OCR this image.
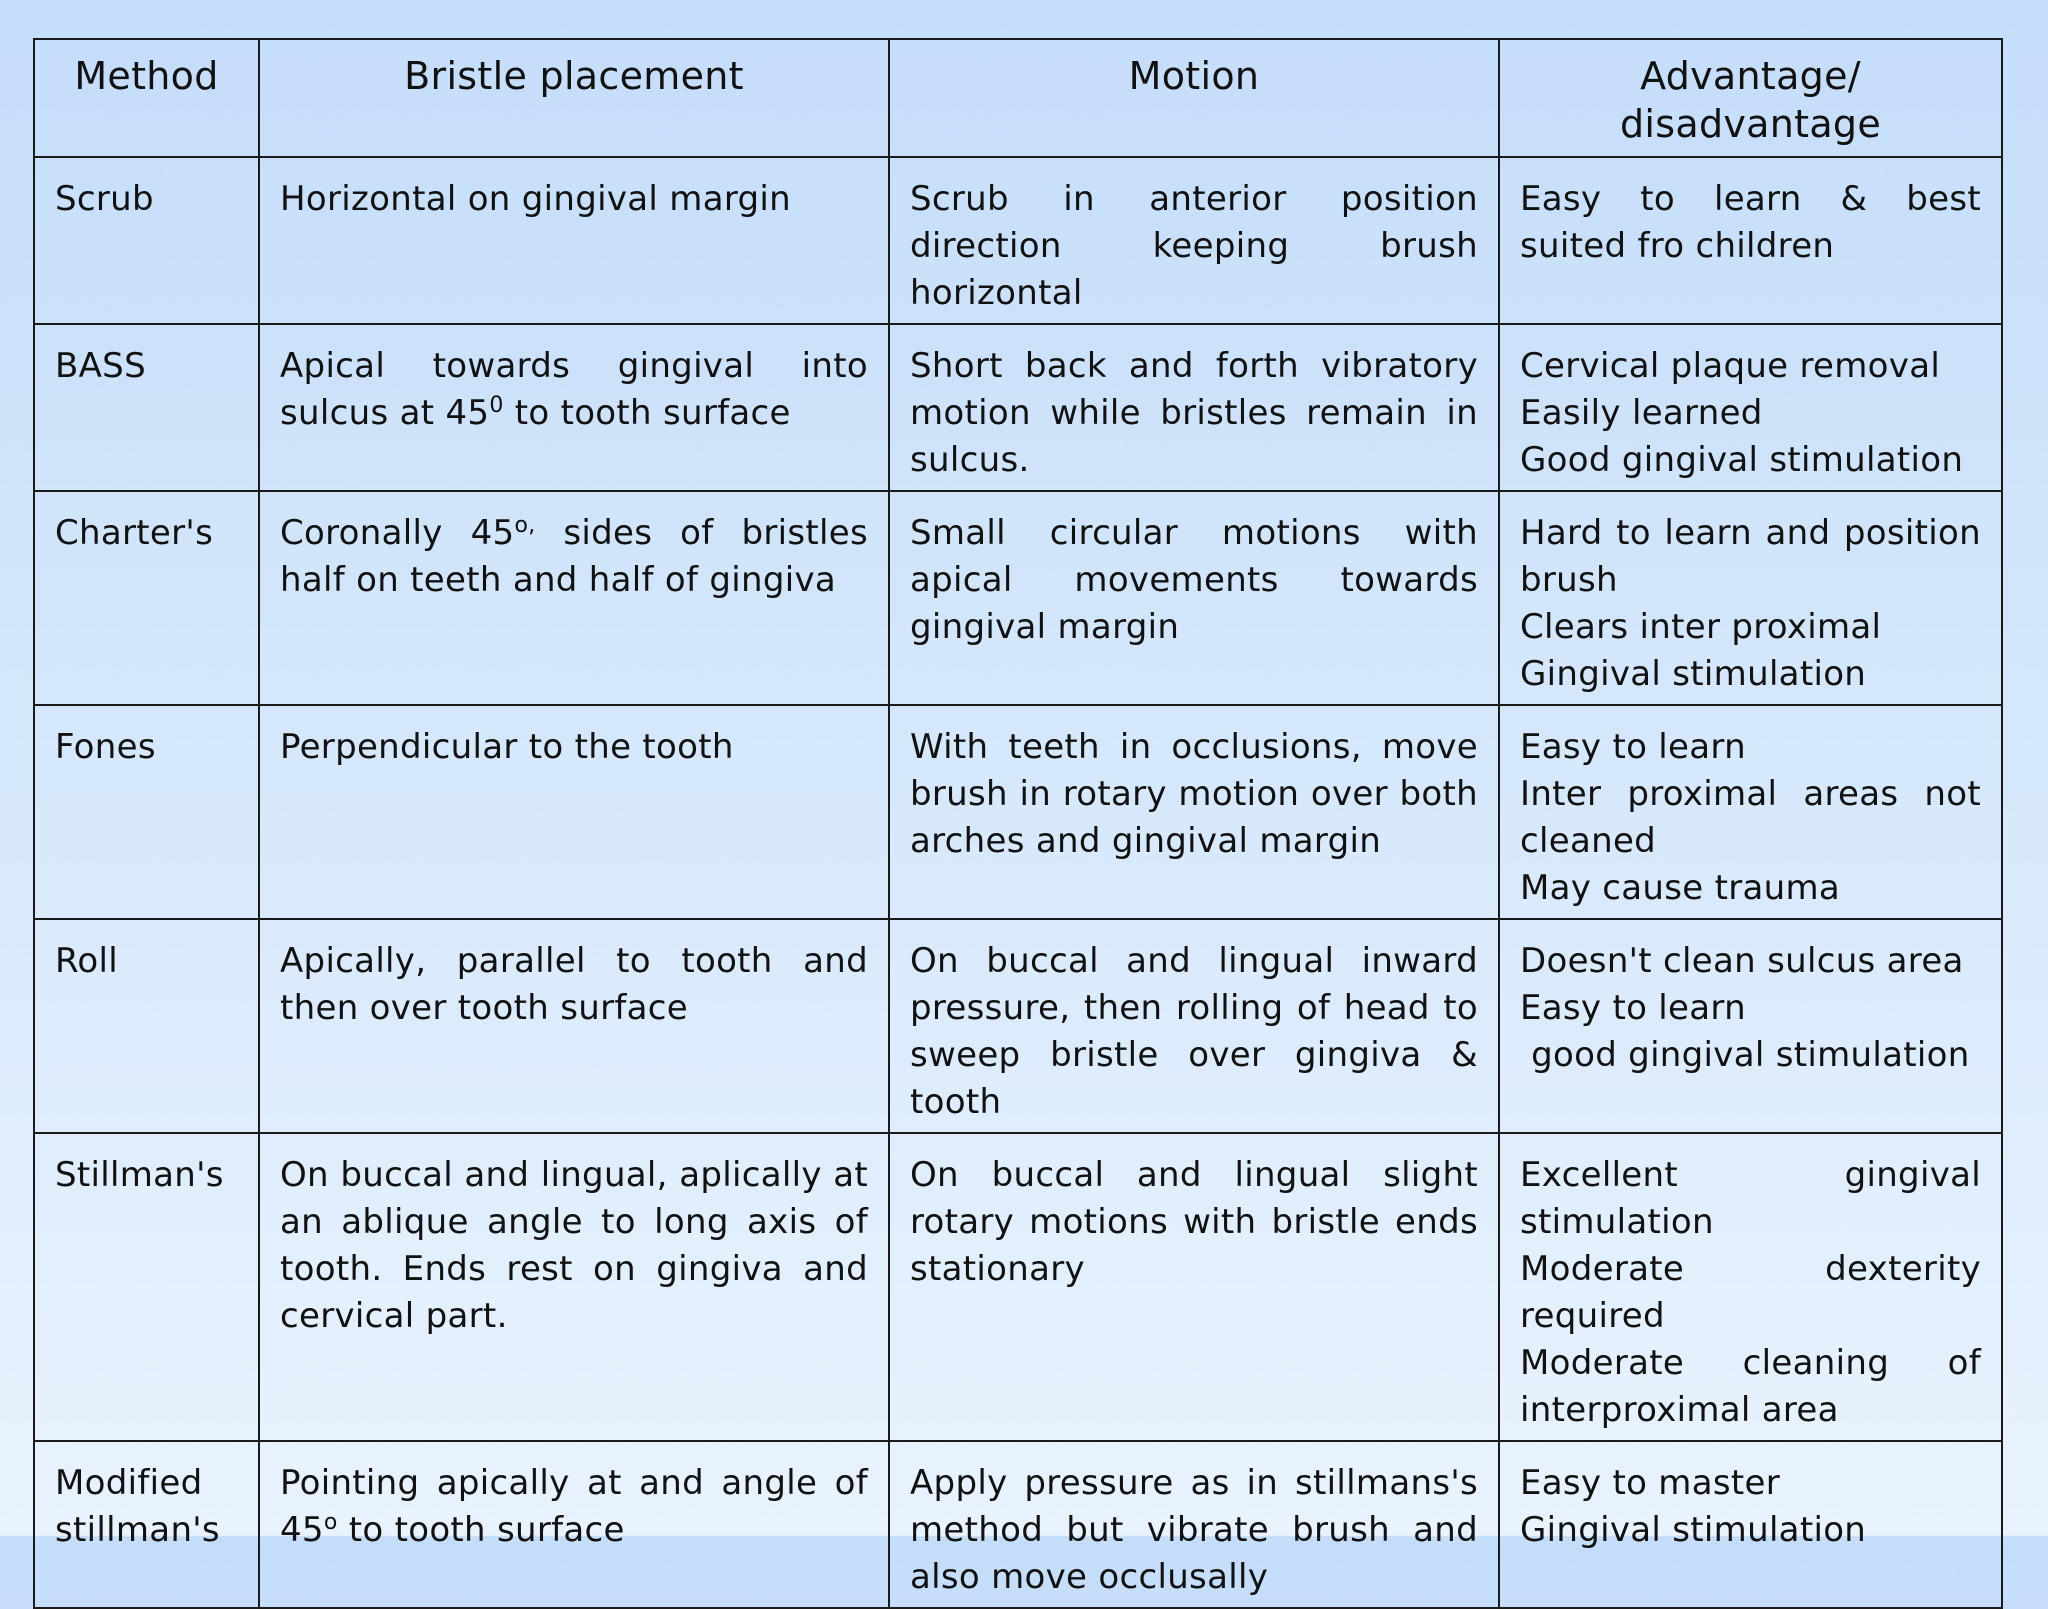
Method	Bristle placement	Motion	Advantage/ disadvantage
Scrub	Horizontal on gingival margin	Scrub in anterior position direction keeping brush horizontal	Easy to learn & best suited fro children

BASS	Apical towards gingival into sulcus at $45^0$ to tooth surface	Short back and forth vibratory motion while bristles remain in sulcus.	Cervical plaque removal
Easily learned
Good gingival stimulation

Charter's	Coronally $45^{o,}$ sides of bristles half on teeth and half of gingiva	Small circular motions with apical movements towards gingival margin	Hard to learn and position brush
Clears inter proximal
Gingival stimulation

Fones	Perpendicular to the tooth	With teeth in occlusions, move brush in rotary motion over both arches and gingival margin	Easy to learn
Inter proximal areas not cleaned
May cause trauma

Roll	Apically, parallel to tooth and then over tooth surface	On buccal and lingual inward pressure, then rolling of head to sweep bristle over gingiva & tooth	Doesn't clean sulcus area
Easy to learn
good gingival stimulation

Stillman's	On buccal and lingual, aplically at an ablique angle to long axis of tooth. Ends rest on gingiva and cervical part.	On buccal and lingual slight rotary motions with bristle ends stationary	Excellent gingival stimulation
Moderate dexterity required
Moderate cleaning of interproximal area

Modified stillman's	Pointing apically at and angle of 45$^o$ to tooth surface	Apply pressure as in stillmans's method but vibrate brush and also move occlusally	Easy to master
Gingival stimulation
